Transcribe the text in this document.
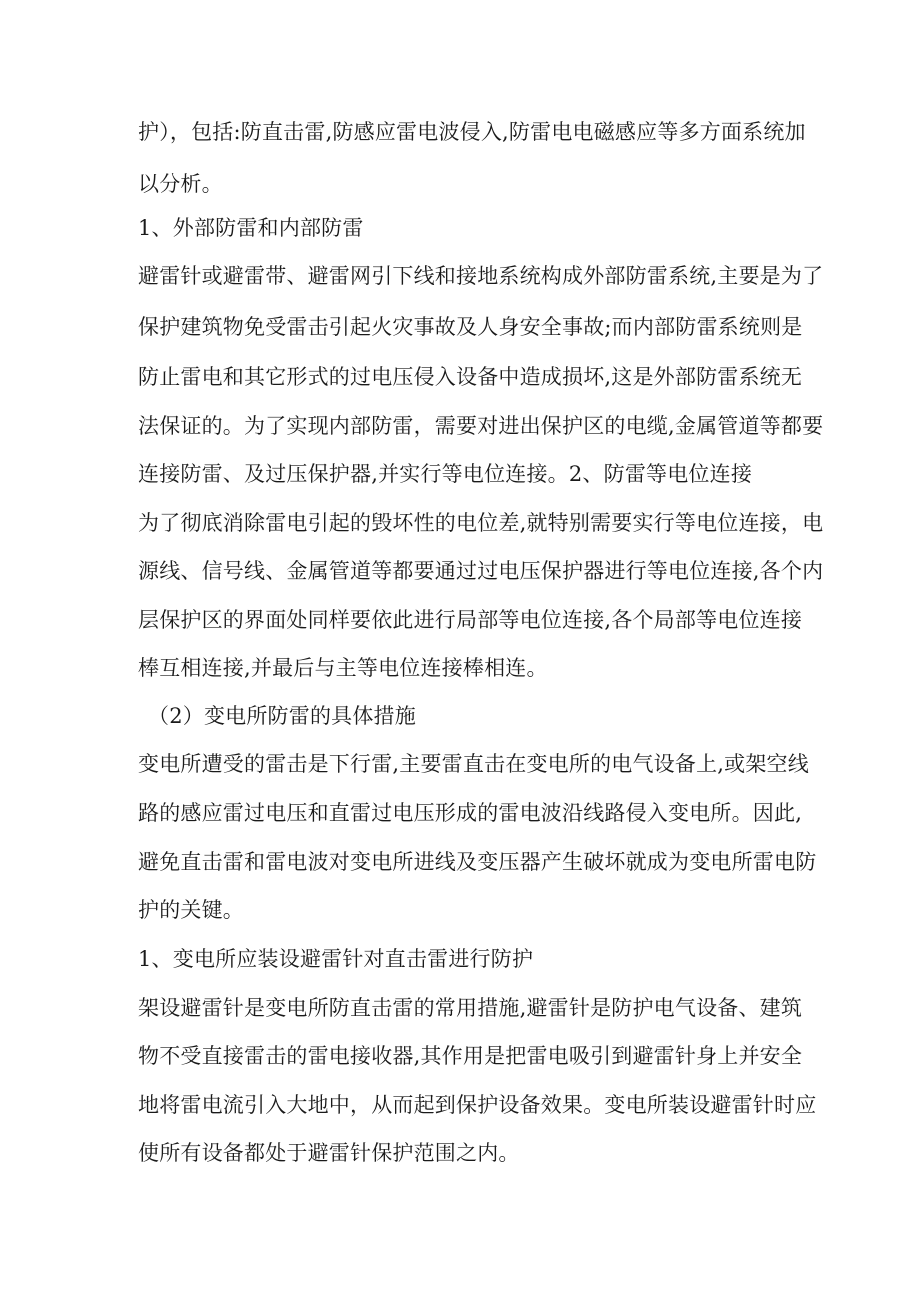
护），包括:防直击雷,防感应雷电波侵入,防雷电电磁感应等多方面系统加
以分析。
1、外部防雷和内部防雷
避雷针或避雷带、避雷网引下线和接地系统构成外部防雷系统,主要是为了
保护建筑物免受雷击引起火灾事故及人身安全事故;而内部防雷系统则是
防止雷电和其它形式的过电压侵入设备中造成损坏,这是外部防雷系统无
法保证的。为了实现内部防雷，需要对进出保护区的电缆,金属管道等都要
连接防雷、及过压保护器,并实行等电位连接。2、防雷等电位连接
为了彻底消除雷电引起的毁坏性的电位差,就特别需要实行等电位连接，电
源线、信号线、金属管道等都要通过过电压保护器进行等电位连接,各个内
层保护区的界面处同样要依此进行局部等电位连接,各个局部等电位连接
棒互相连接,并最后与主等电位连接棒相连。
（2）变电所防雷的具体措施
变电所遭受的雷击是下行雷,主要雷直击在变电所的电气设备上,或架空线
路的感应雷过电压和直雷过电压形成的雷电波沿线路侵入变电所。因此,
避免直击雷和雷电波对变电所进线及变压器产生破坏就成为变电所雷电防
护的关键。
1、变电所应装设避雷针对直击雷进行防护
架设避雷针是变电所防直击雷的常用措施,避雷针是防护电气设备、建筑
物不受直接雷击的雷电接收器,其作用是把雷电吸引到避雷针身上并安全
地将雷电流引入大地中，从而起到保护设备效果。变电所装设避雷针时应
使所有设备都处于避雷针保护范围之内。
